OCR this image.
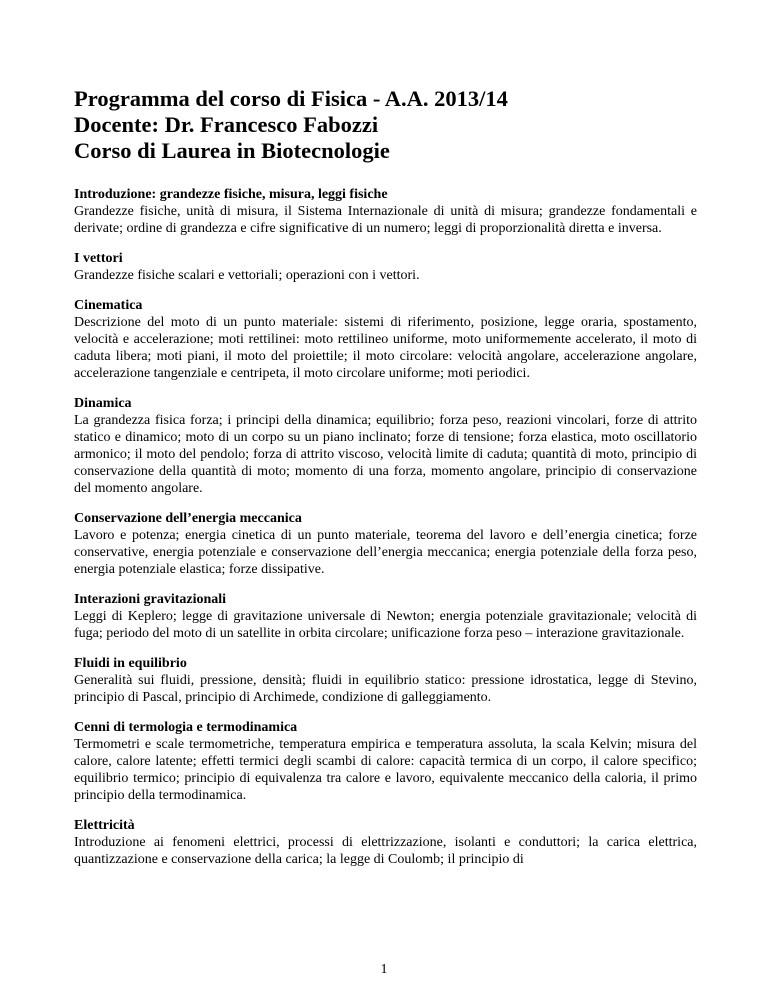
Programma del corso di Fisica - A.A. 2013/14
Docente: Dr. Francesco Fabozzi
Corso di Laurea in Biotecnologie
Introduzione: grandezze fisiche, misura, leggi fisiche
Grandezze fisiche, unità di misura, il Sistema Internazionale di unità di misura; grandezze fondamentali e derivate; ordine di grandezza e cifre significative di un numero; leggi di proporzionalità diretta e inversa.
I vettori
Grandezze fisiche scalari e vettoriali; operazioni con i vettori.
Cinematica
Descrizione del moto di un punto materiale: sistemi di riferimento, posizione, legge oraria, spostamento, velocità e accelerazione; moti rettilinei: moto rettilineo uniforme, moto uniformemente accelerato, il moto di caduta libera; moti piani, il moto del proiettile; il moto circolare: velocità angolare, accelerazione angolare, accelerazione tangenziale e centripeta, il moto circolare uniforme; moti periodici.
Dinamica
La grandezza fisica forza; i principi della dinamica; equilibrio; forza peso, reazioni vincolari, forze di attrito statico e dinamico; moto di un corpo su un piano inclinato; forze di tensione; forza elastica, moto oscillatorio armonico; il moto del pendolo; forza di attrito viscoso, velocità limite di caduta; quantità di moto, principio di conservazione della quantità di moto; momento di una forza, momento angolare, principio di conservazione del momento angolare.
Conservazione dell’energia meccanica
Lavoro e potenza; energia cinetica di un punto materiale, teorema del lavoro e dell’energia cinetica; forze conservative, energia potenziale e conservazione dell’energia meccanica; energia potenziale della forza peso, energia potenziale elastica; forze dissipative.
Interazioni gravitazionali
Leggi di Keplero; legge di gravitazione universale di Newton; energia potenziale gravitazionale; velocità di fuga; periodo del moto di un satellite in orbita circolare; unificazione forza peso – interazione gravitazionale.
Fluidi in equilibrio
Generalità sui fluidi, pressione, densità; fluidi in equilibrio statico: pressione idrostatica, legge di Stevino, principio di Pascal, principio di Archimede, condizione di galleggiamento.
Cenni di termologia e termodinamica
Termometri e scale termometriche, temperatura empirica e temperatura assoluta, la scala Kelvin; misura del calore, calore latente; effetti termici degli scambi di calore: capacità termica di un corpo, il calore specifico; equilibrio termico; principio di equivalenza tra calore e lavoro, equivalente meccanico della caloria, il primo principio della termodinamica.
Elettricità
Introduzione ai fenomeni elettrici, processi di elettrizzazione, isolanti e conduttori; la carica elettrica, quantizzazione e conservazione della carica; la legge di Coulomb; il principio di
1
